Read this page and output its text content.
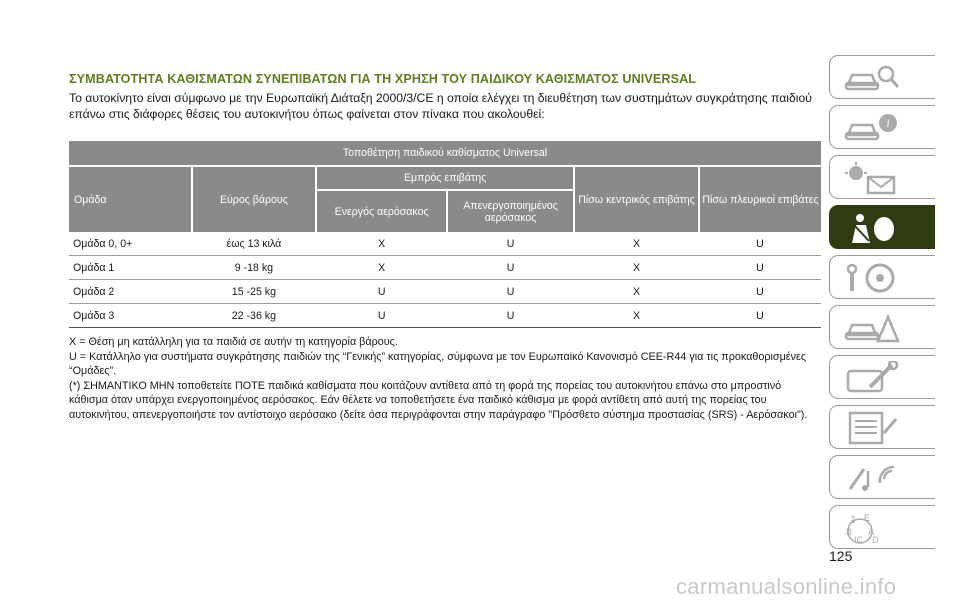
ΣΥΜΒΑΤΟΤΗΤΑ ΚΑΘΙΣΜΑΤΩΝ ΣΥΝΕΠΙΒΑΤΩΝ ΓΙΑ ΤΗ ΧΡΗΣΗ ΤΟΥ ΠΑΙΔΙΚΟΥ ΚΑΘΙΣΜΑΤΟΣ UNIVERSAL
Το αυτοκίνητο είναι σύμφωνο με την Ευρωπαϊκή Διάταξη 2000/3/CE η οποία ελέγχει τη διευθέτηση των συστημάτων συγκράτησης παιδιού επάνω στις διάφορες θέσεις του αυτοκινήτου όπως φαίνεται στον πίνακα που ακολουθεί:
Τοποθέτηση παιδικού καθίσματος Universal					
Ομάδα	Εύρος βάρους	Εμπρός επιβάτης		Πίσω κεντρικός επιβάτης	Πίσω πλευρικοί επιβάτες
		Ενεργός αερόσακος	Απενεργοποιημένος αερόσακος		
Ομάδα 0, 0+	έως 13 κιλά	X	U	X	U
Ομάδα 1	9 -18 kg	X	U	X	U
Ομάδα 2	15 -25 kg	U	U	X	U
Ομάδα 3	22 -36 kg	U	U	X	U
X = Θέση μη κατάλληλη για τα παιδιά σε αυτήν τη κατηγορία βάρους.
U = Κατάλληλο για συστήματα συγκράτησης παιδιών της “Γενικής” κατηγορίας, σύμφωνα με τον Ευρωπαϊκό Κανονισμό CEE-R44 για τις προκαθορισμένες “Ομάδες”.
(*) ΣΗΜΑΝΤΙΚΟ ΜΗΝ τοποθετείτε ΠΟΤΕ παιδικά καθίσματα που κοιτάζουν αντίθετα από τη φορά της πορείας του αυτοκινήτου επάνω στο μπροστινό κάθισμα όταν υπάρχει ενεργοποιημένος αερόσακος. Εάν θέλετε να τοποθετήσετε ένα παιδικό κάθισμα με φορά αντίθετη από αυτή της πορείας του αυτοκινήτου, απενεργοποιήστε τον αντίστοιχο αερόσακο (δείτε όσα περιγράφονται στην παράγραφο "Πρόσθετο σύστημα προστασίας (SRS) - Αερόσακοι").
i
Z E
B A
IC D
125
carmanualsonline.info
